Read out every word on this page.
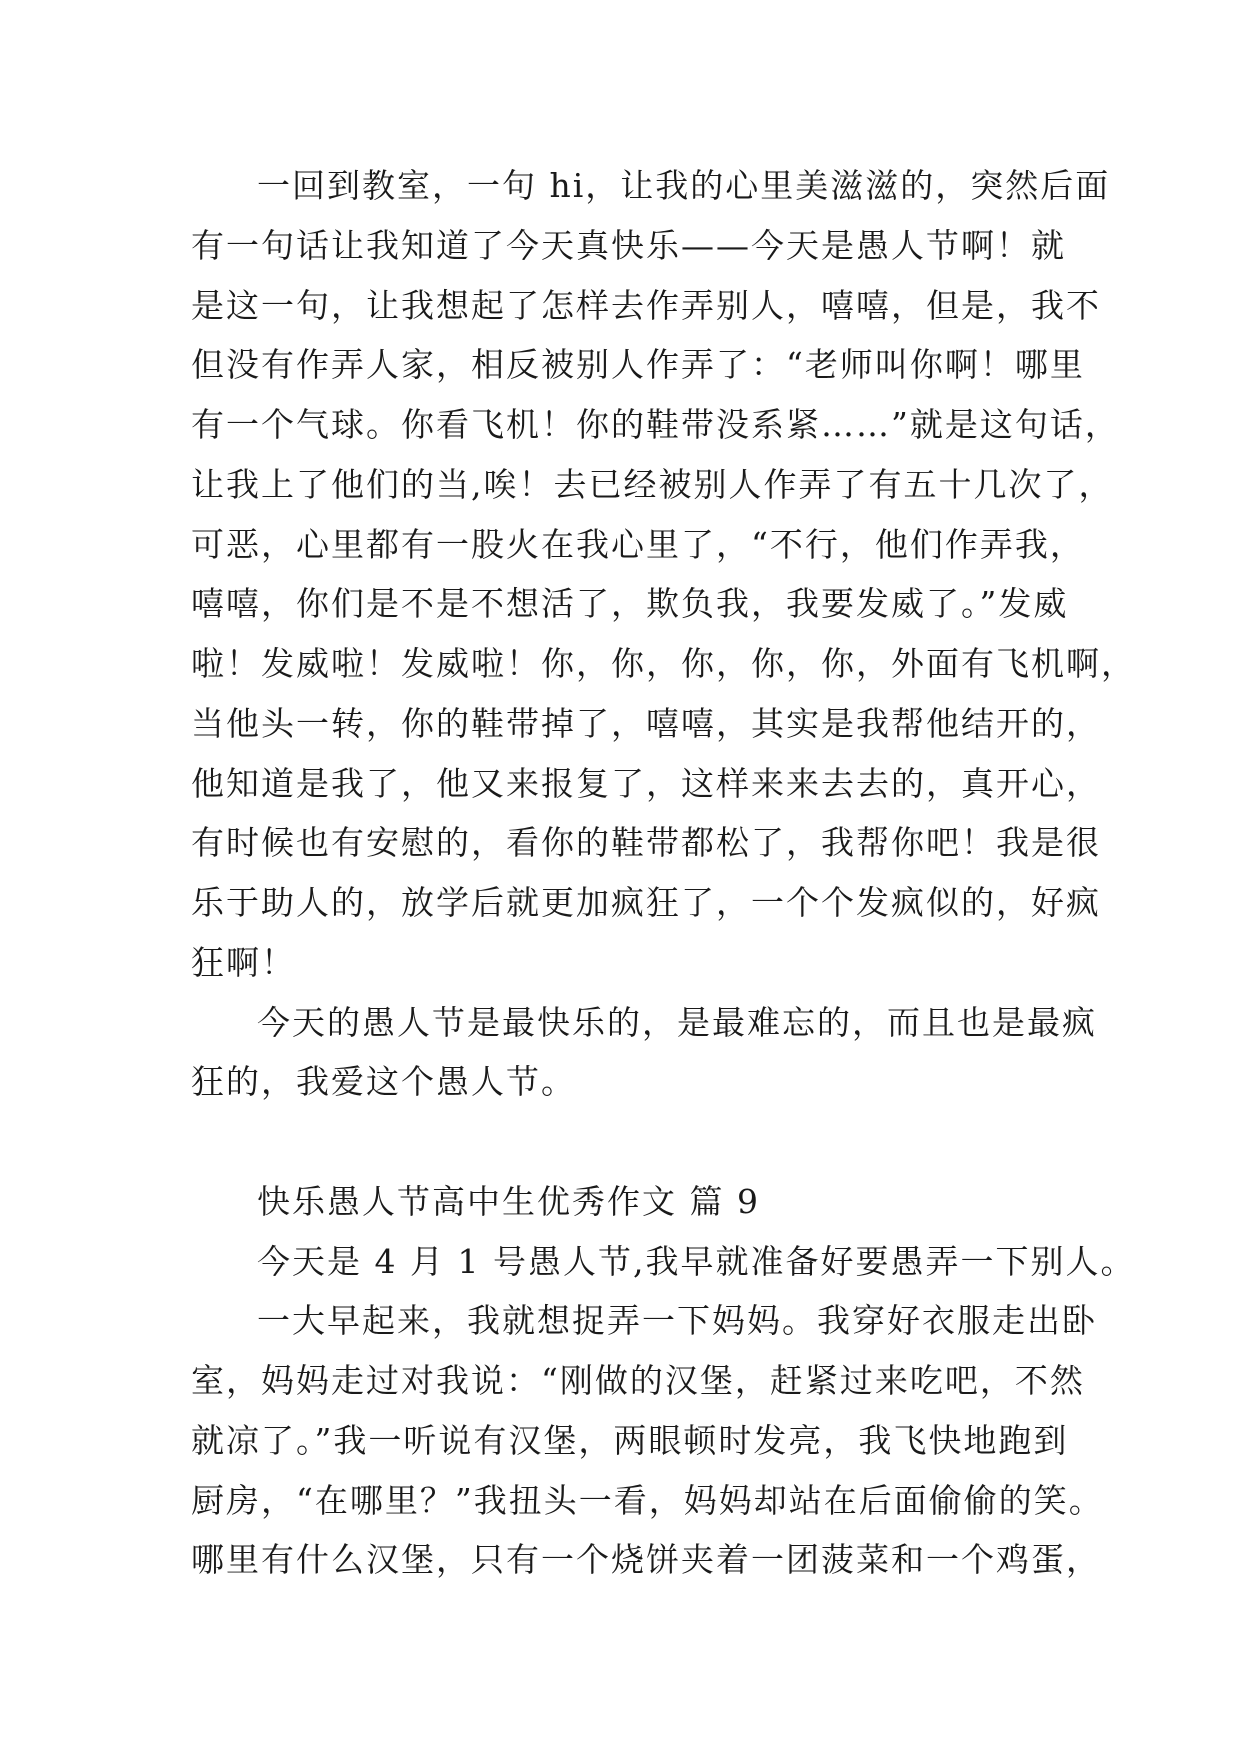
一回到教室，一句 hi，让我的心里美滋滋的，突然后面
有一句话让我知道了今天真快乐——今天是愚人节啊！就
是这一句，让我想起了怎样去作弄别人，嘻嘻，但是，我不
但没有作弄人家，相反被别人作弄了：“老师叫你啊！哪里
有一个气球。你看飞机！你的鞋带没系紧……”就是这句话，
让我上了他们的当,唉！去已经被别人作弄了有五十几次了，
可恶，心里都有一股火在我心里了，“不行，他们作弄我，
嘻嘻，你们是不是不想活了，欺负我，我要发威了。”发威
啦！发威啦！发威啦！你，你，你，你，你，外面有飞机啊，
当他头一转，你的鞋带掉了，嘻嘻，其实是我帮他结开的，
他知道是我了，他又来报复了，这样来来去去的，真开心，
有时候也有安慰的，看你的鞋带都松了，我帮你吧！我是很
乐于助人的，放学后就更加疯狂了，一个个发疯似的，好疯
狂啊！
今天的愚人节是最快乐的，是最难忘的，而且也是最疯
狂的，我爱这个愚人节。
快乐愚人节高中生优秀作文 篇 9
今天是 4 月 1 号愚人节,我早就准备好要愚弄一下别人。
一大早起来，我就想捉弄一下妈妈。我穿好衣服走出卧
室，妈妈走过对我说：“刚做的汉堡，赶紧过来吃吧，不然
就凉了。”我一听说有汉堡，两眼顿时发亮，我飞快地跑到
厨房，“在哪里？”我扭头一看，妈妈却站在后面偷偷的笑。
哪里有什么汉堡，只有一个烧饼夹着一团菠菜和一个鸡蛋，
